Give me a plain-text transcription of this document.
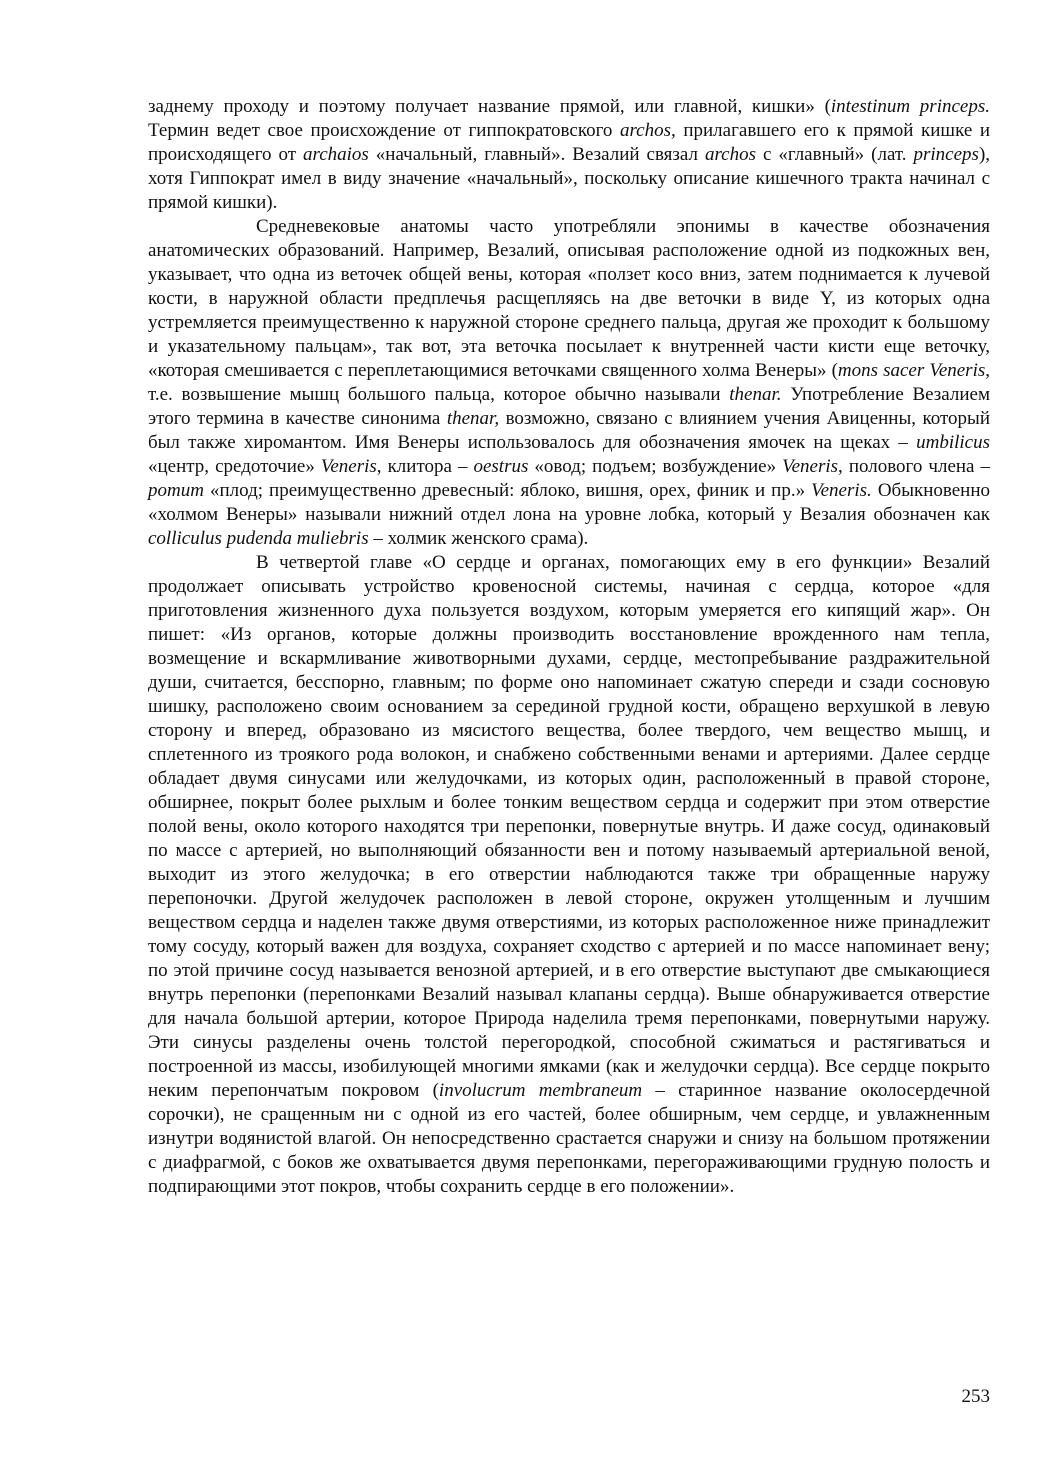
заднему проходу и поэтому получает название прямой, или главной, кишки» (intestinum princeps. Термин ведет свое происхождение от гиппократовского archos, прилагавшего его к прямой кишке и происходящего от archaios «начальный, главный». Везалий связал archos с «главный» (лат. princeps), хотя Гиппократ имел в виду значение «начальный», поскольку описание кишечного тракта начинал с прямой кишки).

Средневековые анатомы часто употребляли эпонимы в качестве обозначения анатомических образований. Например, Везалий, описывая расположение одной из подкожных вен, указывает, что одна из веточек общей вены, которая «ползет косо вниз, затем поднимается к лучевой кости, в наружной области предплечья расщепляясь на две веточки в виде Y, из которых одна устремляется преимущественно к наружной стороне среднего пальца, другая же проходит к большому и указательному пальцам», так вот, эта веточка посылает к внутренней части кисти еще веточку, «которая смешивается с переплетающимися веточками священного холма Венеры» (mons sacer Veneris, т.е. возвышение мышц большого пальца, которое обычно называли thenar. Употребление Везалием этого термина в качестве синонима thenar, возможно, связано с влиянием учения Авиценны, который был также хиромантом. Имя Венеры использовалось для обозначения ямочек на щеках – umbilicus «центр, средоточие» Veneris, клитора – oestrus «овод; подъем; возбуждение» Veneris, полового члена – pomum «плод; преимущественно древесный: яблоко, вишня, орех, финик и пр.» Veneris. Обыкновенно «холмом Венеры» называли нижний отдел лона на уровне лобка, который у Везалия обозначен как colliculus pudenda muliebris – холмик женского срама).

В четвертой главе «О сердце и органах, помогающих ему в его функции» Везалий продолжает описывать устройство кровеносной системы, начиная с сердца, которое «для приготовления жизненного духа пользуется воздухом, которым умеряется его кипящий жар». Он пишет: «Из органов, которые должны производить восстановление врожденного нам тепла, возмещение и вскармливание животворными духами, сердце, местопребывание раздражительной души, считается, бесспорно, главным; по форме оно напоминает сжатую спереди и сзади сосновую шишку, расположено своим основанием за серединой грудной кости, обращено верхушкой в левую сторону и вперед, образовано из мясистого вещества, более твердого, чем вещество мышц, и сплетенного из троякого рода волокон, и снабжено собственными венами и артериями. Далее сердце обладает двумя синусами или желудочками, из которых один, расположенный в правой стороне, обширнее, покрыт более рыхлым и более тонким веществом сердца и содержит при этом отверстие полой вены, около которого находятся три перепонки, повернутые внутрь. И даже сосуд, одинаковый по массе с артерией, но выполняющий обязанности вен и потому называемый артериальной веной, выходит из этого желудочка; в его отверстии наблюдаются также три обращенные наружу перепоночки. Другой желудочек расположен в левой стороне, окружен утолщенным и лучшим веществом сердца и наделен также двумя отверстиями, из которых расположенное ниже принадлежит тому сосуду, который важен для воздуха, сохраняет сходство с артерией и по массе напоминает вену; по этой причине сосуд называется венозной артерией, и в его отверстие выступают две смыкающиеся внутрь перепонки (перепонками Везалий называл клапаны сердца). Выше обнаруживается отверстие для начала большой артерии, которое Природа наделила тремя перепонками, повернутыми наружу. Эти синусы разделены очень толстой перегородкой, способной сжиматься и растягиваться и построенной из массы, изобилующей многими ямками (как и желудочки сердца). Все сердце покрыто неким перепончатым покровом (involucrum membraneum – старинное название околосердечной сорочки), не сращенным ни с одной из его частей, более обширным, чем сердце, и увлажненным изнутри водянистой влагой. Он непосредственно срастается снаружи и снизу на большом протяжении с диафрагмой, с боков же охватывается двумя перепонками, перегораживающими грудную полость и подпирающими этот покров, чтобы сохранить сердце в его положении».

253
